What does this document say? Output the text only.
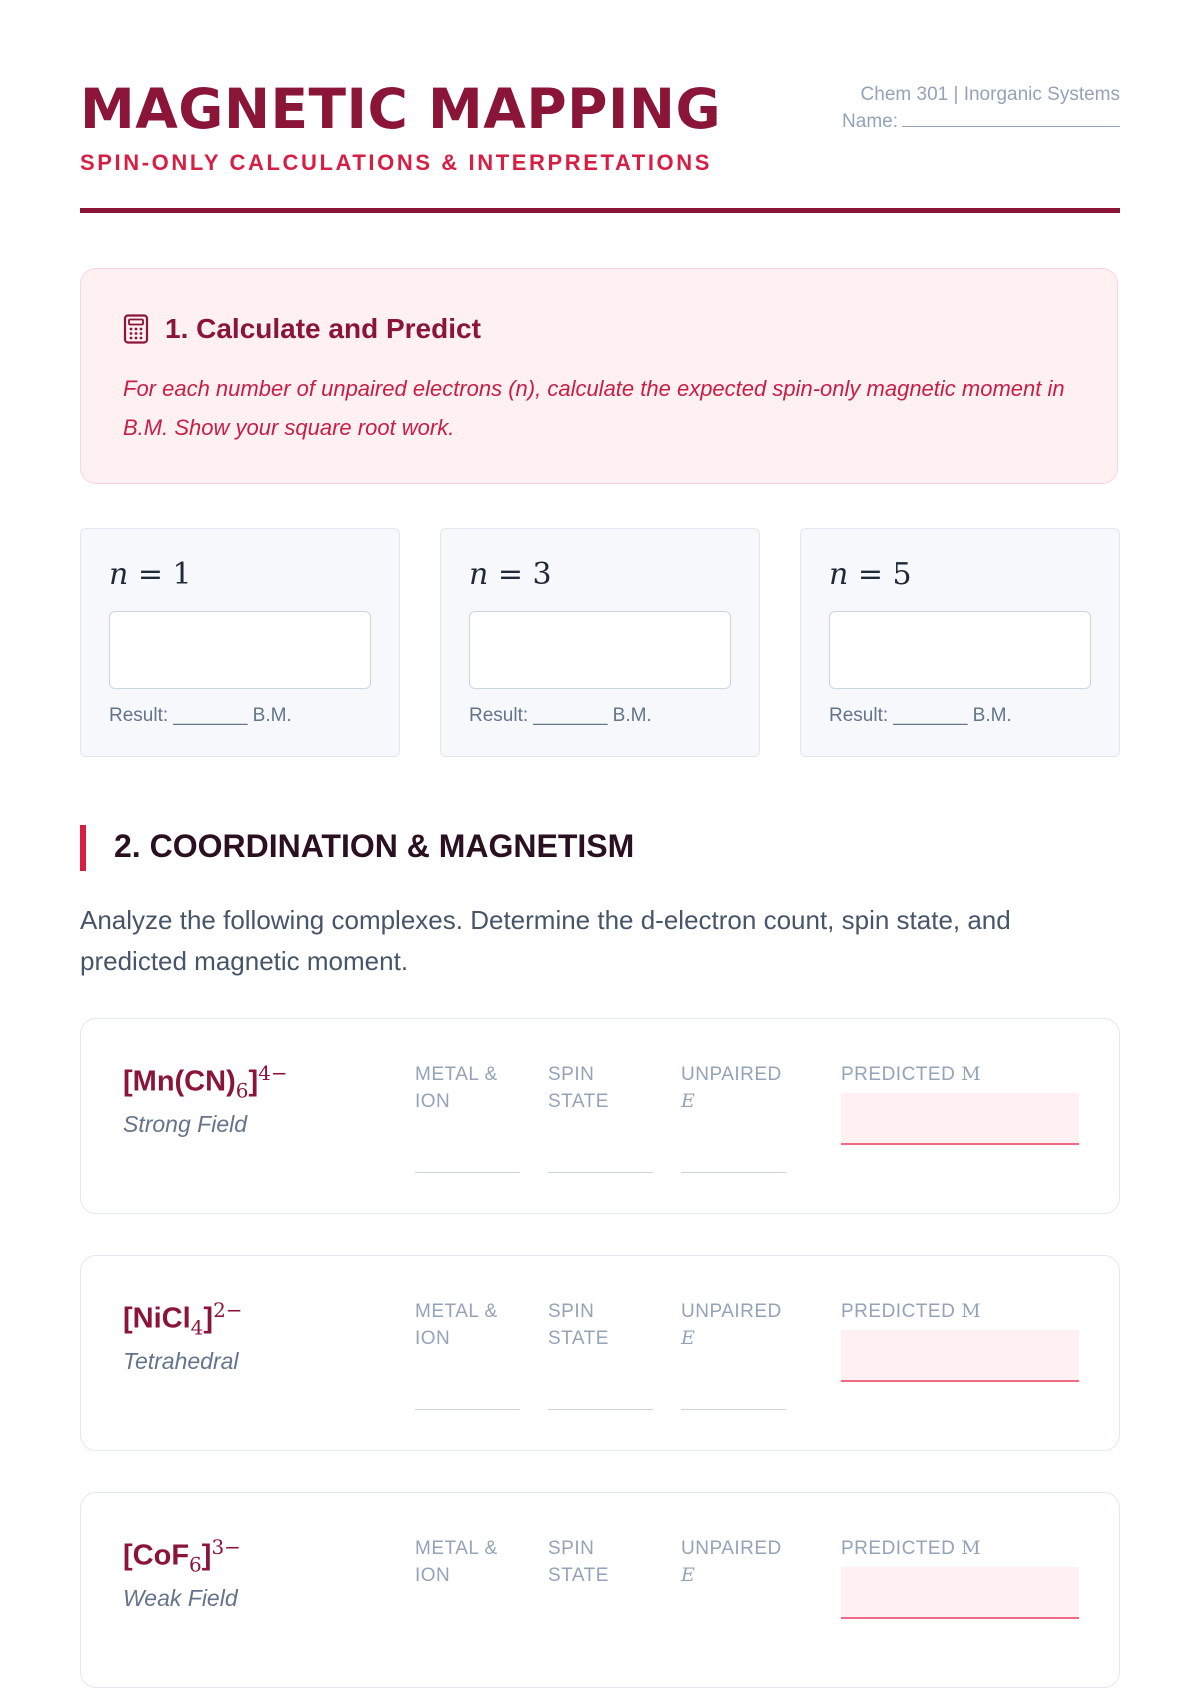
MAGNETIC MAPPING
SPIN-ONLY CALCULATIONS & INTERPRETATIONS
Chem 301 | Inorganic Systems
Name:
1. Calculate and Predict
For each number of unpaired electrons (n), calculate the expected spin-only magnetic moment in B.M. Show your square root work.
n = 1
Result: _______ B.M.
n = 3
Result: _______ B.M.
n = 5
Result: _______ B.M.
2. COORDINATION & MAGNETISM
Analyze the following complexes. Determine the d-electron count, spin state, and predicted magnetic moment.
$[Mn(CN)_6]^{4-}$
Strong Field
METAL &
ION
SPIN
STATE
UNPAIRED
E
PREDICTED M
[NiCl$_4$]$^{2-}$
Tetrahedral
METAL &
ION
SPIN
STATE
UNPAIRED
E
PREDICTED M
$[CoF_6]^{3-}$
Weak Field
METAL &
ION
SPIN
STATE
UNPAIRED
E
PREDICTED M
